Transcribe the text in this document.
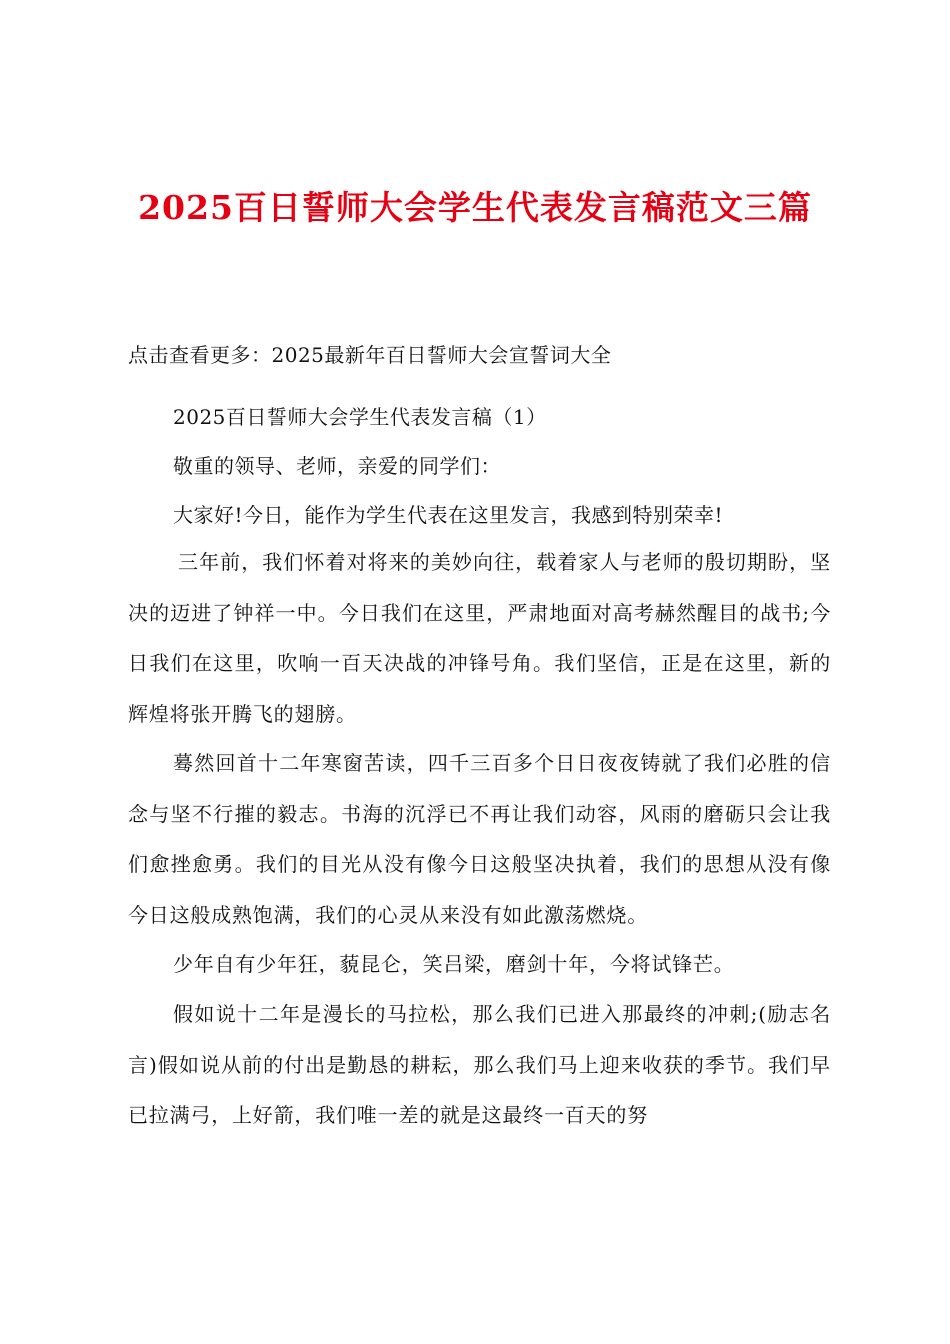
2025百日誓师大会学生代表发言稿范文三篇
点击查看更多：2025最新年百日誓师大会宣誓词大全
2025百日誓师大会学生代表发言稿（1）
敬重的领导、老师，亲爱的同学们：
大家好!今日，能作为学生代表在这里发言，我感到特别荣幸!
三年前，我们怀着对将来的美妙向往，载着家人与老师的殷切期盼，坚决的迈进了钟祥一中。今日我们在这里，严肃地面对高考赫然醒目的战书;今日我们在这里，吹响一百天决战的冲锋号角。我们坚信，正是在这里，新的辉煌将张开腾飞的翅膀。
蓦然回首十二年寒窗苦读，四千三百多个日日夜夜铸就了我们必胜的信念与坚不行摧的毅志。书海的沉浮已不再让我们动容，风雨的磨砺只会让我们愈挫愈勇。我们的目光从没有像今日这般坚决执着，我们的思想从没有像今日这般成熟饱满，我们的心灵从来没有如此激荡燃烧。
少年自有少年狂，藐昆仑，笑吕梁，磨剑十年，今将试锋芒。
假如说十二年是漫长的马拉松，那么我们已进入那最终的冲刺;(励志名言)假如说从前的付出是勤恳的耕耘，那么我们马上迎来收获的季节。我们早已拉满弓，上好箭，我们唯一差的就是这最终一百天的努
